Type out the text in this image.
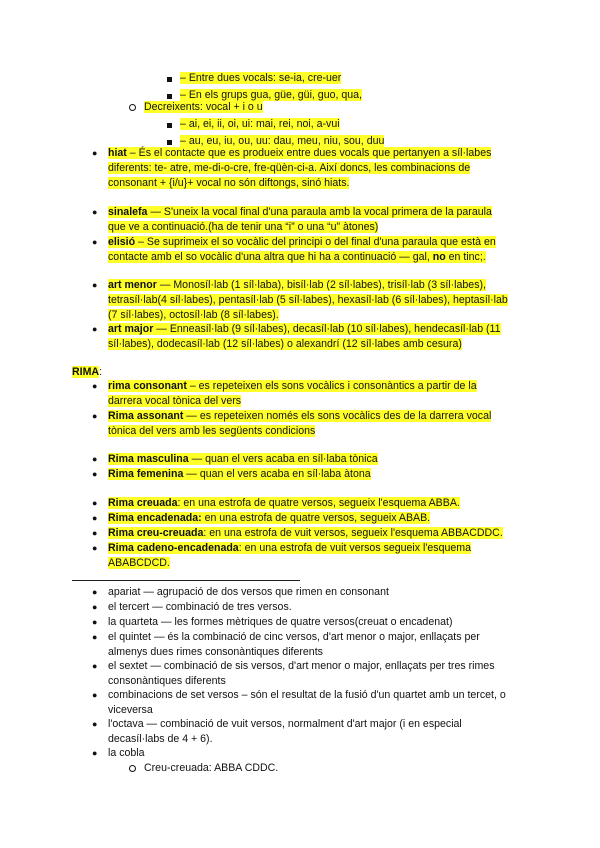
– Entre dues vocals: se-ia, cre-uer
– En els grups gua, güe, güi, guo, qua,
Decreixents: vocal + i o u
– ai, ei, ii, oi, ui: mai, rei, noi, a-vui
– au, eu, iu, ou, uu: dau, meu, niu, sou, duu
● hiat – És el contacte que es produeix entre dues vocals que pertanyen a síl·labes
diferents: te- atre, me-di-o-cre, fre-qüèn-ci-a. Així doncs, les combinacions de
consonant + {i/u}+ vocal no són diftongs, sinó hiats.
● sinalefa — S'uneix la vocal final d'una paraula amb la vocal primera de la paraula
que ve a continuació.(ha de tenir una “i” o una “u” àtones)
● elisió – Se suprimeix el so vocàlic del principi o del final d'una paraula que està en
contacte amb el so vocàlic d'una altra que hi ha a continuació — gal, no en tinc;.
● art menor — Monosíl·lab (1 síl·laba), bisíl·lab (2 síl·labes), trisíl·lab (3 síl·labes),
tetrasíl·lab(4 síl·labes), pentasíl·lab (5 síl·labes), hexasíl·lab (6 síl·labes), heptasíl·lab
(7 síl·labes), octosíl·lab (8 síl·labes).
● art major — Enneasíl·lab (9 síl·labes), decasíl·lab (10 síl·labes), hendecasíl·lab (11
síl·labes), dodecasíl·lab (12 síl·labes) o alexandrí (12 síl·labes amb cesura)
RIMA:
● rima consonant – es repeteixen els sons vocàlics i consonàntics a partir de la
darrera vocal tònica del vers
● Rima assonant — es repeteixen només els sons vocàlics des de la darrera vocal
tònica del vers amb les següents condicions
● Rima masculina — quan el vers acaba en síl·laba tònica
● Rima femenina — quan el vers acaba en síl·laba àtona
● Rima creuada: en una estrofa de quatre versos, segueix l'esquema ABBA.
● Rima encadenada: en una estrofa de quatre versos, segueix ABAB.
● Rima creu-creuada: en una estrofa de vuit versos, segueix l'esquema ABBACDDC.
● Rima cadeno-encadenada: en una estrofa de vuit versos segueix l'esquema
ABABCDCD.
● apariat — agrupació de dos versos que rimen en consonant
● el tercert — combinació de tres versos.
● la quarteta — les formes mètriques de quatre versos(creuat o encadenat)
● el quintet — és la combinació de cinc versos, d'art menor o major, enllaçats per
almenys dues rimes consonàntiques diferents
● el sextet — combinació de sis versos, d'art menor o major, enllaçats per tres rimes
consonàntiques diferents
● combinacions de set versos – són el resultat de la fusió d'un quartet amb un tercet, o
viceversa
● l'octava — combinació de vuit versos, normalment d'art major (i en especial
decasíl·labs de 4 + 6).
● la cobla
Creu-creuada: ABBA CDDC.
